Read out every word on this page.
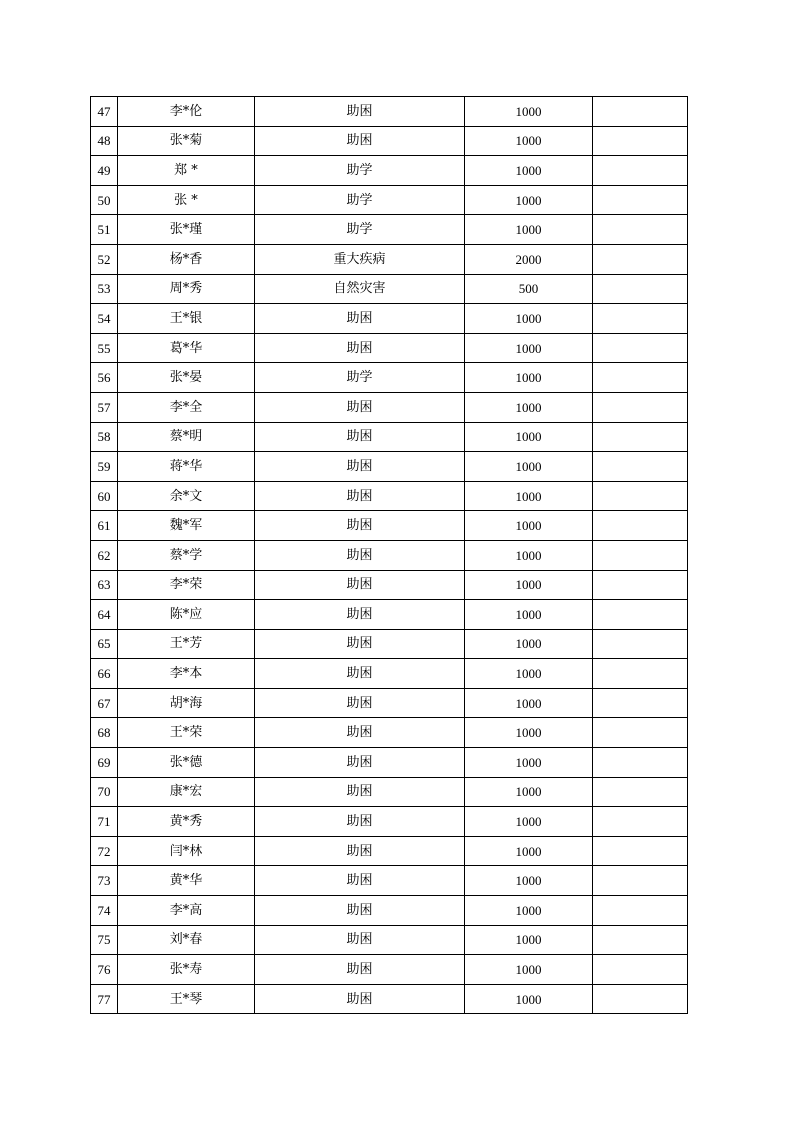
47	李*伦	助困	1000	
48	张*菊	助困	1000	
49	郑 *	助学	1000	
50	张 *	助学	1000	
51	张*瑾	助学	1000	
52	杨*香	重大疾病	2000	
53	周*秀	自然灾害	500	
54	王*银	助困	1000	
55	葛*华	助困	1000	
56	张*晏	助学	1000	
57	李*全	助困	1000	
58	蔡*明	助困	1000	
59	蒋*华	助困	1000	
60	余*文	助困	1000	
61	魏*军	助困	1000	
62	蔡*学	助困	1000	
63	李*荣	助困	1000	
64	陈*应	助困	1000	
65	王*芳	助困	1000	
66	李*本	助困	1000	
67	胡*海	助困	1000	
68	王*荣	助困	1000	
69	张*德	助困	1000	
70	康*宏	助困	1000	
71	黄*秀	助困	1000	
72	闫*林	助困	1000	
73	黄*华	助困	1000	
74	李*高	助困	1000	
75	刘*春	助困	1000	
76	张*寿	助困	1000	
77	王*琴	助困	1000	
